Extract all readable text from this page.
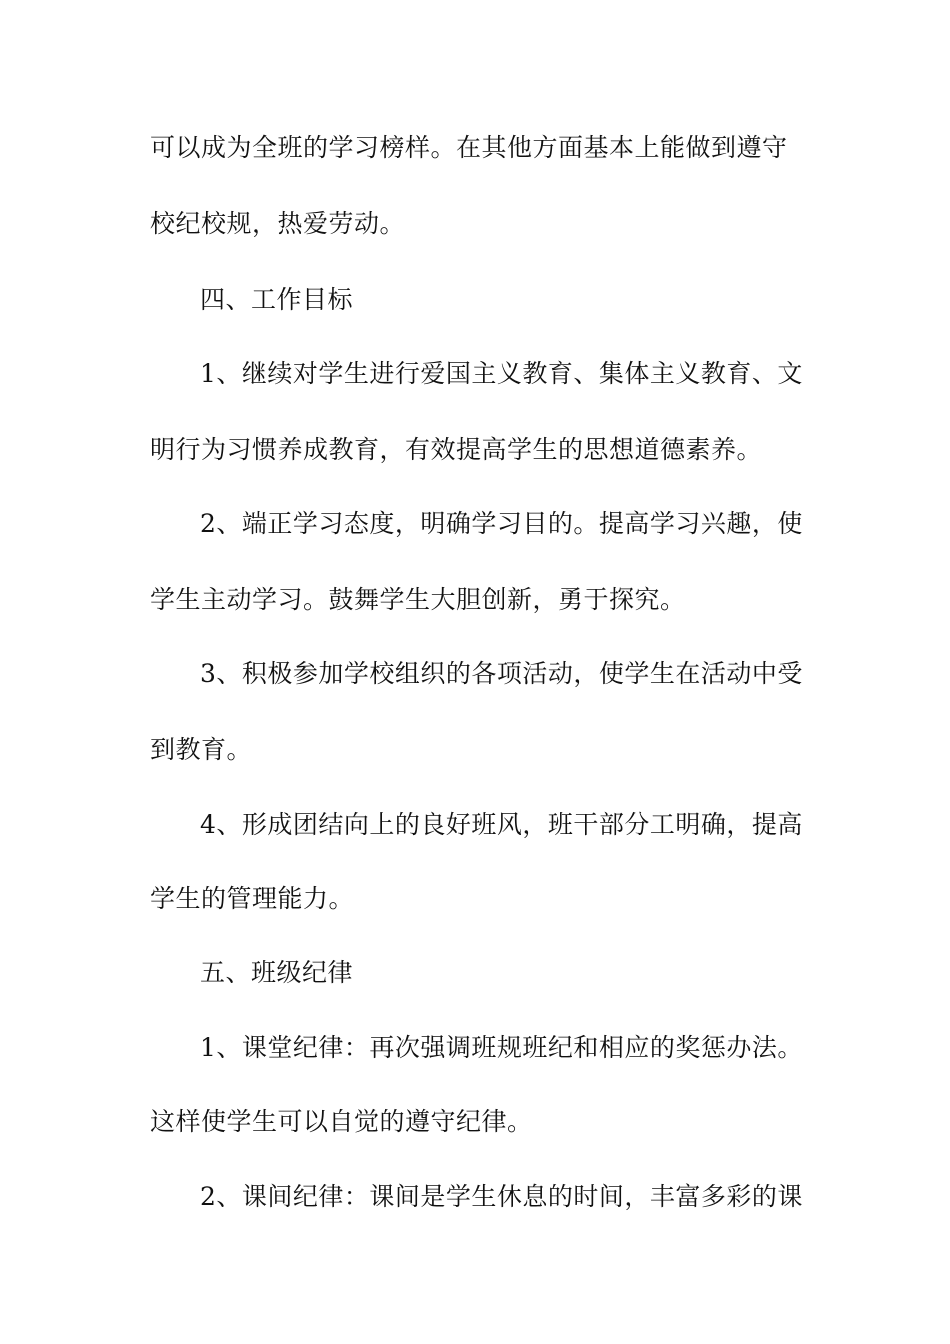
可以成为全班的学习榜样。在其他方面基本上能做到遵守
校纪校规，热爱劳动。
四、工作目标
1、继续对学生进行爱国主义教育、集体主义教育、文
明行为习惯养成教育，有效提高学生的思想道德素养。
2、端正学习态度，明确学习目的。提高学习兴趣，使
学生主动学习。鼓舞学生大胆创新，勇于探究。
3、积极参加学校组织的各项活动，使学生在活动中受
到教育。
4、形成团结向上的良好班风，班干部分工明确，提高
学生的管理能力。
五、班级纪律
1、课堂纪律：再次强调班规班纪和相应的奖惩办法。
这样使学生可以自觉的遵守纪律。
2、课间纪律：课间是学生休息的时间，丰富多彩的课
